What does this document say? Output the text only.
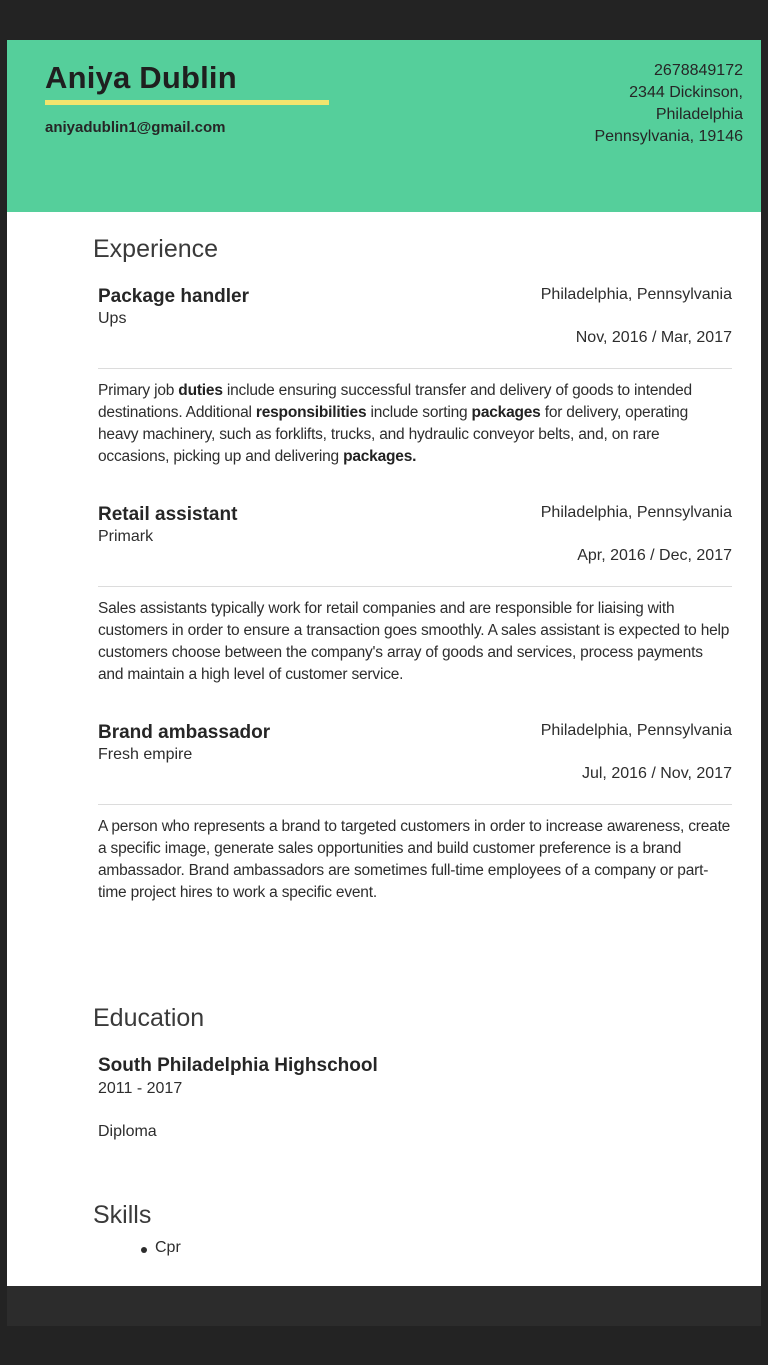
Aniya Dublin
aniyadublin1@gmail.com
2678849172
2344 Dickinson,
Philadelphia
Pennsylvania, 19146
Experience
Package handler
Ups
Philadelphia, Pennsylvania
Nov, 2016 / Mar, 2017
Primary job duties include ensuring successful transfer and delivery of goods to intended destinations. Additional responsibilities include sorting packages for delivery, operating heavy machinery, such as forklifts, trucks, and hydraulic conveyor belts, and, on rare occasions, picking up and delivering packages.
Retail assistant
Primark
Philadelphia, Pennsylvania
Apr, 2016 / Dec, 2017
Sales assistants typically work for retail companies and are responsible for liaising with customers in order to ensure a transaction goes smoothly. A sales assistant is expected to help customers choose between the company's array of goods and services, process payments and maintain a high level of customer service.
Brand ambassador
Fresh empire
Philadelphia, Pennsylvania
Jul, 2016 / Nov, 2017
A person who represents a brand to targeted customers in order to increase awareness, create a specific image, generate sales opportunities and build customer preference is a brand ambassador. Brand ambassadors are sometimes full-time employees of a company or part-time project hires to work a specific event.
Education
South Philadelphia Highschool
2011 - 2017
Diploma
Skills
Cpr
